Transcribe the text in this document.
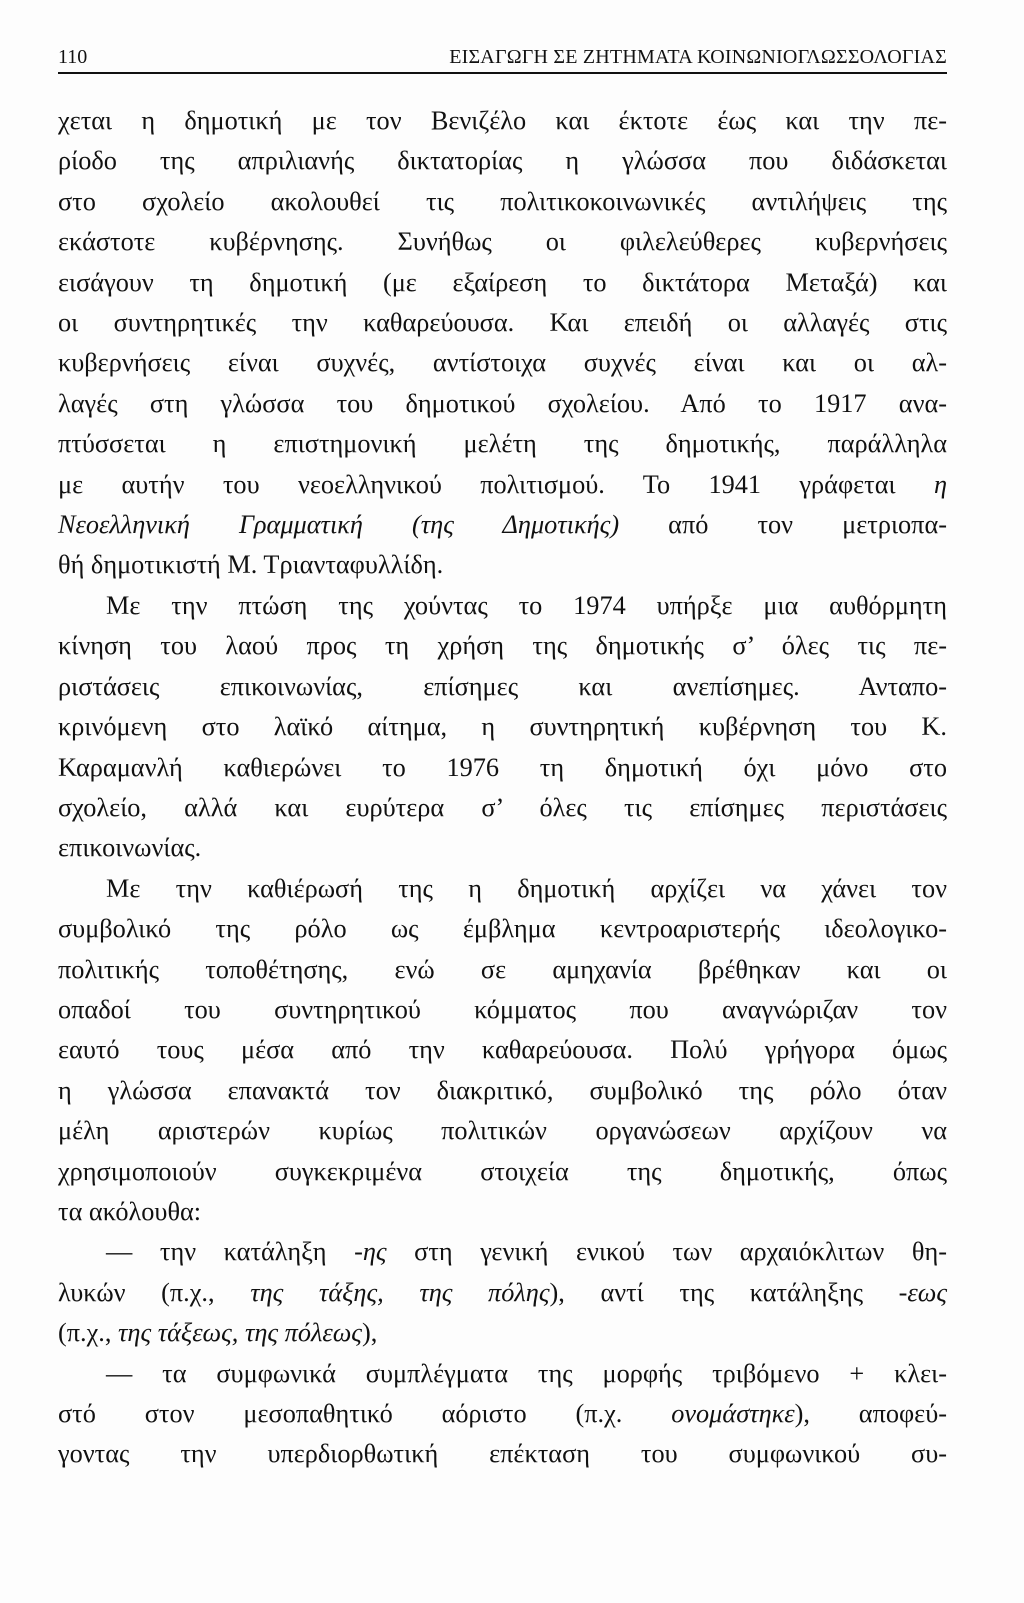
110	ΕΙΣΑΓΩΓΗ ΣΕ ΖΗΤΗΜΑΤΑ ΚΟΙΝΩΝΙΟΓΛΩΣΣΟΛΟΓΙΑΣ
χεται η δημοτική με τον Βενιζέλο και έκτοτε έως και την πε-
ρίοδο της απριλιανής δικτατορίας η γλώσσα που διδάσκεται
στο σχολείο ακολουθεί τις πολιτικοκοινωνικές αντιλήψεις της
εκάστοτε κυβέρνησης. Συνήθως οι φιλελεύθερες κυβερνήσεις
εισάγουν τη δημοτική (με εξαίρεση το δικτάτορα Μεταξά) και
οι συντηρητικές την καθαρεύουσα. Και επειδή οι αλλαγές στις
κυβερνήσεις είναι συχνές, αντίστοιχα συχνές είναι και οι αλ-
λαγές στη γλώσσα του δημοτικού σχολείου. Από το 1917 ανα-
πτύσσεται η επιστημονική μελέτη της δημοτικής, παράλληλα
με αυτήν του νεοελληνικού πολιτισμού. Το 1941 γράφεται η
Νεοελληνική Γραμματική (της Δημοτικής) από τον μετριοπα-
θή δημοτικιστή Μ. Τριανταφυλλίδη.
Με την πτώση της χούντας το 1974 υπήρξε μια αυθόρμητη
κίνηση του λαού προς τη χρήση της δημοτικής σ’ όλες τις πε-
ριστάσεις επικοινωνίας, επίσημες και ανεπίσημες. Ανταπο-
κρινόμενη στο λαϊκό αίτημα, η συντηρητική κυβέρνηση του Κ.
Καραμανλή καθιερώνει το 1976 τη δημοτική όχι μόνο στο
σχολείο, αλλά και ευρύτερα σ’ όλες τις επίσημες περιστάσεις
επικοινωνίας.
Με την καθιέρωσή της η δημοτική αρχίζει να χάνει τον
συμβολικό της ρόλο ως έμβλημα κεντροαριστερής ιδεολογικο-
πολιτικής τοποθέτησης, ενώ σε αμηχανία βρέθηκαν και οι
οπαδοί του συντηρητικού κόμματος που αναγνώριζαν τον
εαυτό τους μέσα από την καθαρεύουσα. Πολύ γρήγορα όμως
η γλώσσα επανακτά τον διακριτικό, συμβολικό της ρόλο όταν
μέλη αριστερών κυρίως πολιτικών οργανώσεων αρχίζουν να
χρησιμοποιούν συγκεκριμένα στοιχεία της δημοτικής, όπως
τα ακόλουθα:
— την κατάληξη -ης στη γενική ενικού των αρχαιόκλιτων θη-
λυκών (π.χ., της τάξης, της πόλης), αντί της κατάληξης -εως
(π.χ., της τάξεως, της πόλεως),
— τα συμφωνικά συμπλέγματα της μορφής τριβόμενο + κλει-
στό στον μεσοπαθητικό αόριστο (π.χ. ονομάστηκε), αποφεύ-
γοντας την υπερδιορθωτική επέκταση του συμφωνικού συ-
